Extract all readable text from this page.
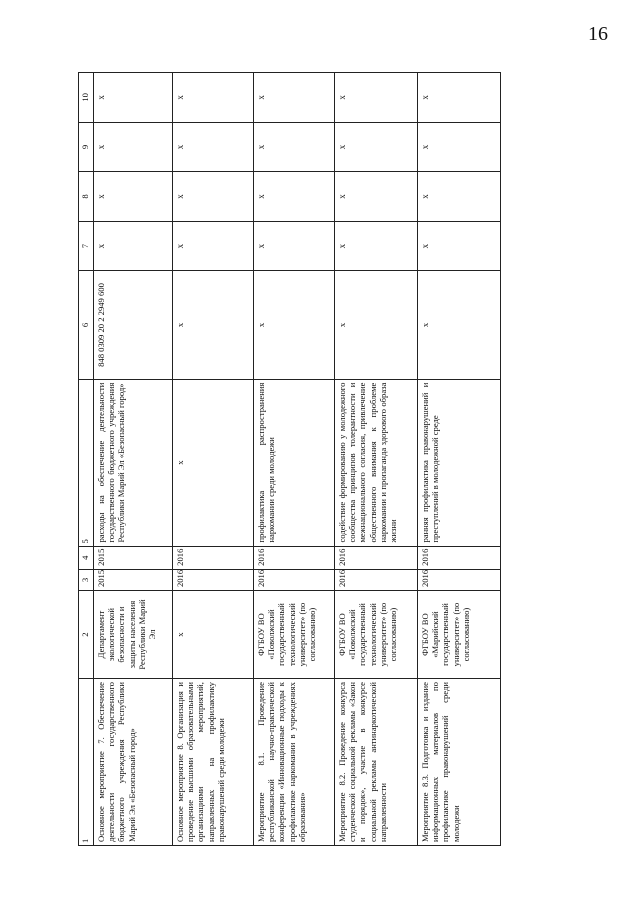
16
1	2	3	4	5	6	7	8	9	10
Основное мероприятие 7. Обеспечение деятельности государственного бюджетного учреждения Республики Марий Эл «Безопасный город»	Департамент экологической безопасности и защиты населения Республики Марий Эл	2015	2015	расходы на обеспечение деятельности государственного бюджетного учреждения Республики Марий Эл «Безопасный город»	848 0309 20 2 2949 600	х	х	х	х
Основное мероприятие 8. Организация и проведение высшими образовательными организациями мероприятий, направленных на профилактику правонарушений среди молодежи	х	2016	2016	х	х	х	х	х	х
Мероприятие 8.1. Проведение республиканской научно-практической конференции «Инновационные подходы к профилактике наркомании в учреждениях образования»	ФГБОУ ВО «Поволжский государственный технологический университет» (по согласованию)	2016	2016	профилактика распространения наркомании среди молодежи	х	х	х	х	х
Мероприятие 8.2. Проведение конкурса студенческой социальной рекламы «Закон и порядок», участие в конкурсе социальной рекламы антинаркотической направленности	ФГБОУ ВО «Поволжский государственный технологический университет» (по согласованию)	2016	2016	содействие формированию у молодежного сообщества принципов толерантности и межнационального согласия, привлечение общественного внимания к проблеме наркомании и пропаганда здорового образа жизни	х	х	х	х	х
Мероприятие 8.3. Подготовка и издание информационных материалов по профилактике правонарушений среди молодежи	ФГБОУ ВО «Марийский государственный университет» (по согласованию)	2016	2016	ранняя профилактика правонарушений и преступлений в молодежной среде	х	х	х	х	х
